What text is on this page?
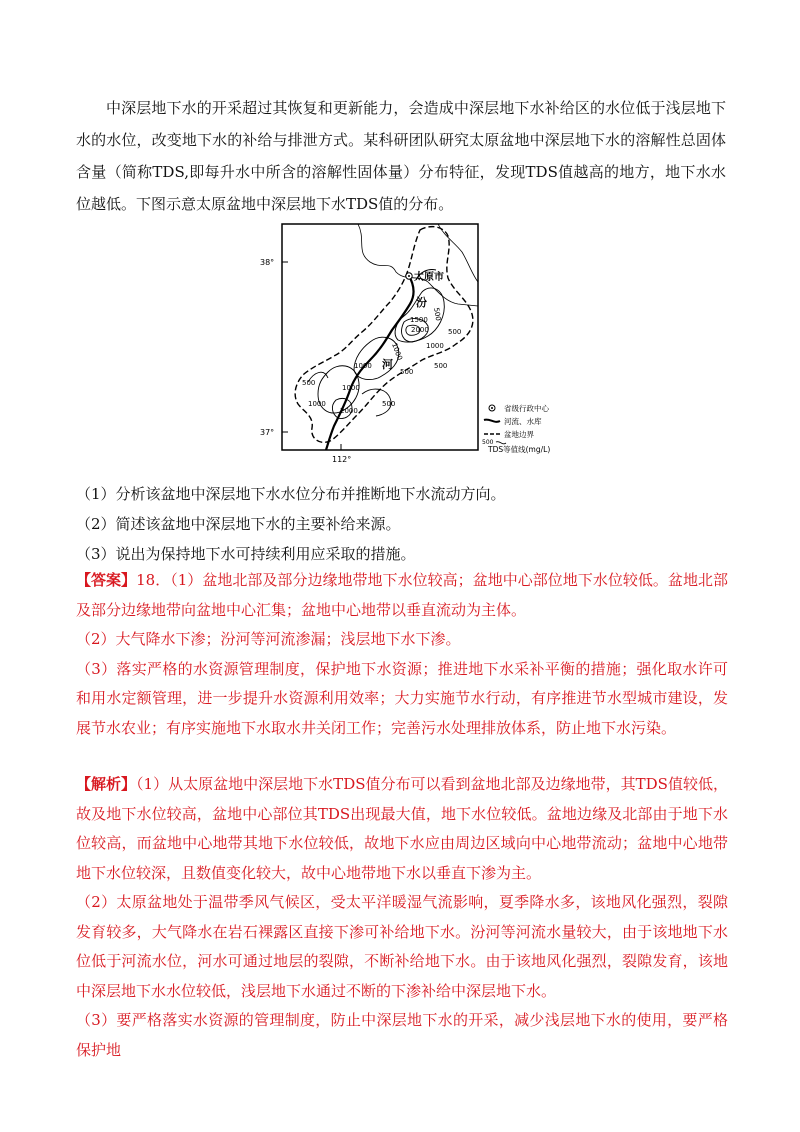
中深层地下水的开采超过其恢复和更新能力，会造成中深层地下水补给区的水位低于浅层地下水的水位，改变地下水的补给与排泄方式。某科研团队研究太原盆地中深层地下水的溶解性总固体含量（简称TDS,即每升水中所含的溶解性固体量）分布特征，发现TDS值越高的地方，地下水水位越低。下图示意太原盆地中深层地下水TDS值的分布。

38°
37°
112°
500
1500
2000	500
1000
1000
1000
500
1000
500
1000
2000
500
500
太原市
汾
河
省级行政中心
河流、水库
盆地边界
500
TDS等值线(mg/L)

（1）分析该盆地中深层地下水水位分布并推断地下水流动方向。

（2）简述该盆地中深层地下水的主要补给来源。

（3）说出为保持地下水可持续利用应采取的措施。

【答案】18．（1）盆地北部及部分边缘地带地下水位较高；盆地中心部位地下水位较低。盆地北部及部分边缘地带向盆地中心汇集；盆地中心地带以垂直流动为主体。
（2）大气降水下渗；汾河等河流渗漏；浅层地下水下渗。
（3）落实严格的水资源管理制度，保护地下水资源；推进地下水采补平衡的措施；强化取水许可和用水定额管理，进一步提升水资源利用效率；大力实施节水行动，有序推进节水型城市建设，发展节水农业；有序实施地下水取水井关闭工作；完善污水处理排放体系，防止地下水污染。
【解析】（1）从太原盆地中深层地下水TDS值分布可以看到盆地北部及边缘地带，其TDS值较低，故及地下水位较高，盆地中心部位其TDS出现最大值，地下水位较低。盆地边缘及北部由于地下水位较高，而盆地中心地带其地下水位较低，故地下水应由周边区域向中心地带流动；盆地中心地带地下水位较深，且数值变化较大，故中心地带地下水以垂直下渗为主。
（2）太原盆地处于温带季风气候区，受太平洋暖湿气流影响，夏季降水多，该地风化强烈，裂隙发育较多，大气降水在岩石裸露区直接下渗可补给地下水。汾河等河流水量较大，由于该地地下水位低于河流水位，河水可通过地层的裂隙，不断补给地下水。由于该地风化强烈，裂隙发育，该地中深层地下水水位较低，浅层地下水通过不断的下渗补给中深层地下水。
（3）要严格落实水资源的管理制度，防止中深层地下水的开采，减少浅层地下水的使用，要严格保护地
